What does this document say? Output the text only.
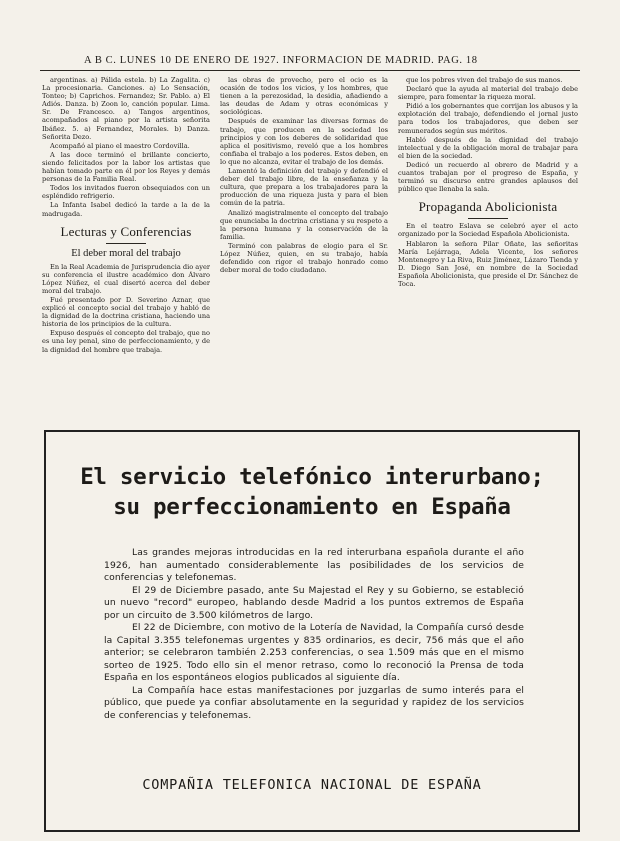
A B C. LUNES 10 DE ENERO DE 1927. INFORMACION DE MADRID. PAG. 18

argentinas. a) Pálida estela. b) La Zagalita. c) La procesionaria. Canciones. a) Lo Sensación, Tonteo; b) Caprichos. Fernandez; Sr. Pablo. a) El Adiós. Danza. b) Zoon lo, canción popular. Lima. Sr. De Francesco. a) Tangos argentinos, acompañados al piano por la artista señorita Ibáñez. 5. a) Fernandez, Morales. b) Danza. Señorita Dezo.

Acompañó al piano el maestro Cordovilla.

A las doce terminó el brillante concierto, siendo felicitados por la labor los artistas que habían tomado parte en él por los Reyes y demás personas de la Familia Real.

Todos los invitados fueron obsequiados con un espléndido refrigerio.

La Infanta Isabel dedicó la tarde a la de la madrugada.

Lecturas y Conferencias
El deber moral del trabajo

En la Real Academia de Jurisprudencia dio ayer su conferencia el ilustre académico don Álvaro López Núñez, el cual disertó acerca del deber moral del trabajo.

Fué presentado por D. Severino Aznar, que explicó el concepto social del trabajo y habló de la dignidad de la doctrina cristiana, haciendo una historia de los principios de la cultura.

Expuso después el concepto del trabajo, que no es una ley penal, sino de perfeccionamiento, y de la dignidad del hombre que trabaja.

las obras de provecho, pero el ocio es la ocasión de todos los vicios, y los hombres, que tienen a la perezosidad, la desidia, añadiendo a las deudas de Adam y otras económicas y sociológicas.

Después de examinar las diversas formas de trabajo, que producen en la sociedad los principios y con los deberes de solidaridad que aplica el positivismo, reveló que a los hombres confiaba el trabajo a los poderes. Estos deben, en lo que no alcanza, evitar el trabajo de los demás.

Lamentó la definición del trabajo y defendió el deber del trabajo libre, de la enseñanza y la cultura, que prepara a los trabajadores para la producción de una riqueza justa y para el bien común de la patria.

Analizó magistralmente el concepto del trabajo que enunciaba la doctrina cristiana y su respeto a la persona humana y la conservación de la familia.

Terminó con palabras de elogio para el Sr. López Núñez, quien, en su trabajo, había defendido con rigor el trabajo honrado como deber moral de todo ciudadano.

que los pobres viven del trabajo de sus manos.

Declaró que la ayuda al material del trabajo debe siempre, para fomentar la riqueza moral.

Pidió a los gobernantes que corrijan los abusos y la explotación del trabajo, defendiendo el jornal justo para todos los trabajadores, que deben ser remunerados según sus méritos.

Habló después de la dignidad del trabajo intelectual y de la obligación moral de trabajar para el bien de la sociedad.

Dedicó un recuerdo al obrero de Madrid y a cuantos trabajan por el progreso de España, y terminó su discurso entre grandes aplausos del público que llenaba la sala.

Propaganda Abolicionista

En el teatro Eslava se celebró ayer el acto organizado por la Sociedad Española Abolicionista.

Hablaron la señora Pilar Oñate, las señoritas María Lejárraga, Adela Vicente, los señores Montenegro y La Riva, Ruiz Jiménez, Lázaro Tienda y D. Diego San José, en nombre de la Sociedad Española Abolicionista, que preside el Dr. Sánchez de Toca.

El servicio telefónico interurbano;
su perfeccionamiento en España

Las grandes mejoras introducidas en la red interurbana española durante el año 1926, han aumentado considerablemente las posibilidades de los servicios de conferencias y telefonemas.

El 29 de Diciembre pasado, ante Su Majestad el Rey y su Gobierno, se estableció un nuevo "record" europeo, hablando desde Madrid a los puntos extremos de España por un circuito de 3.500 kilómetros de largo.

El 22 de Diciembre, con motivo de la Lotería de Navidad, la Compañía cursó desde la Capital 3.355 telefonemas urgentes y 835 ordinarios, es decir, 756 más que el año anterior; se celebraron también 2.253 conferencias, o sea 1.509 más que en el mismo sorteo de 1925. Todo ello sin el menor retraso, como lo reconoció la Prensa de toda España en los espontáneos elogios publicados al siguiente día.

La Compañía hace estas manifestaciones por juzgarlas de sumo interés para el público, que puede ya confiar absolutamente en la seguridad y rapidez de los servicios de conferencias y telefonemas.

COMPAÑIA TELEFONICA NACIONAL DE ESPAÑA
